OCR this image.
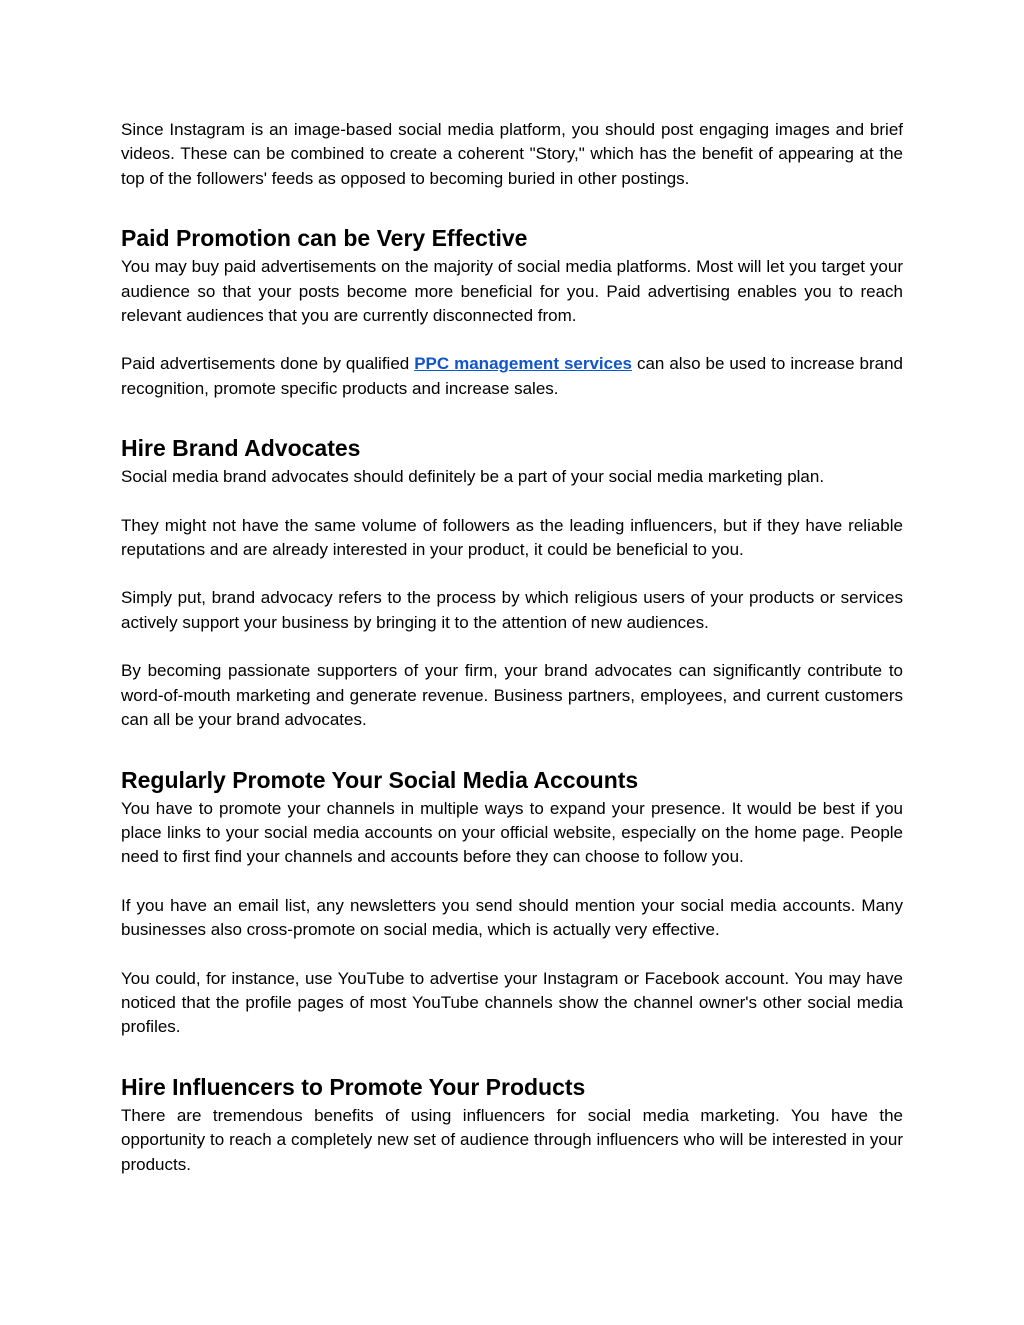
Since Instagram is an image-based social media platform, you should post engaging images and brief videos. These can be combined to create a coherent "Story," which has the benefit of appearing at the top of the followers' feeds as opposed to becoming buried in other postings.

Paid Promotion can be Very Effective

You may buy paid advertisements on the majority of social media platforms. Most will let you target your audience so that your posts become more beneficial for you. Paid advertising enables you to reach relevant audiences that you are currently disconnected from.

Paid advertisements done by qualified PPC management services can also be used to increase brand recognition, promote specific products and increase sales.

Hire Brand Advocates

Social media brand advocates should definitely be a part of your social media marketing plan.

They might not have the same volume of followers as the leading influencers, but if they have reliable reputations and are already interested in your product, it could be beneficial to you.

Simply put, brand advocacy refers to the process by which religious users of your products or services actively support your business by bringing it to the attention of new audiences.

By becoming passionate supporters of your firm, your brand advocates can significantly contribute to word-of-mouth marketing and generate revenue. Business partners, employees, and current customers can all be your brand advocates.

Regularly Promote Your Social Media Accounts

You have to promote your channels in multiple ways to expand your presence. It would be best if you place links to your social media accounts on your official website, especially on the home page. People need to first find your channels and accounts before they can choose to follow you.

If you have an email list, any newsletters you send should mention your social media accounts. Many businesses also cross-promote on social media, which is actually very effective.

You could, for instance, use YouTube to advertise your Instagram or Facebook account. You may have noticed that the profile pages of most YouTube channels show the channel owner's other social media profiles.

Hire Influencers to Promote Your Products

There are tremendous benefits of using influencers for social media marketing. You have the opportunity to reach a completely new set of audience through influencers who will be interested in your products.
